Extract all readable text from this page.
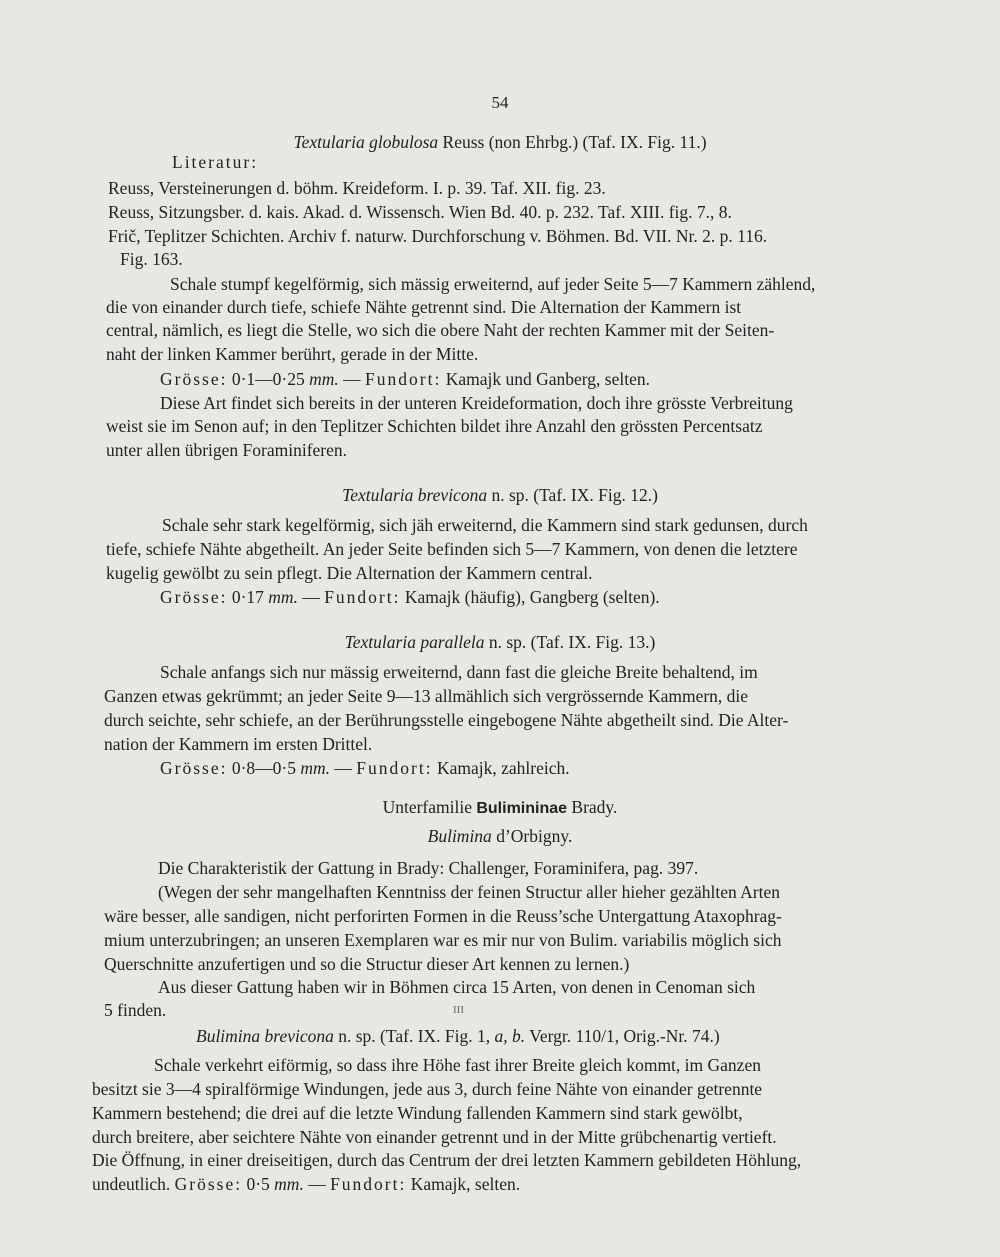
54
Textularia globulosa Reuss (non Ehrbg.) (Taf. IX. Fig. 11.)
Literatur:
Reuss, Versteinerungen d. böhm. Kreideform. I. p. 39. Taf. XII. fig. 23.
Reuss, Sitzungsber. d. kais. Akad. d. Wissensch. Wien Bd. 40. p. 232. Taf. XIII. fig. 7., 8.
Frič, Teplitzer Schichten. Archiv f. naturw. Durchforschung v. Böhmen. Bd. VII. Nr. 2. p. 116.
Fig. 163.
Schale stumpf kegelförmig, sich mässig erweiternd, auf jeder Seite 5—7 Kammern zählend,
die von einander durch tiefe, schiefe Nähte getrennt sind. Die Alternation der Kammern ist
central, nämlich, es liegt die Stelle, wo sich die obere Naht der rechten Kammer mit der Seiten-
naht der linken Kammer berührt, gerade in der Mitte.
Grösse: 0·1—0·25 mm. — Fundort: Kamajk und Ganberg, selten.
Diese Art findet sich bereits in der unteren Kreideformation, doch ihre grösste Verbreitung
weist sie im Senon auf; in den Teplitzer Schichten bildet ihre Anzahl den grössten Percentsatz
unter allen übrigen Foraminiferen.
Textularia brevicona n. sp. (Taf. IX. Fig. 12.)
Schale sehr stark kegelförmig, sich jäh erweiternd, die Kammern sind stark gedunsen, durch
tiefe, schiefe Nähte abgetheilt. An jeder Seite befinden sich 5—7 Kammern, von denen die letztere
kugelig gewölbt zu sein pflegt. Die Alternation der Kammern central.
Grösse: 0·17 mm. — Fundort: Kamajk (häufig), Gangberg (selten).
Textularia parallela n. sp. (Taf. IX. Fig. 13.)
Schale anfangs sich nur mässig erweiternd, dann fast die gleiche Breite behaltend, im
Ganzen etwas gekrümmt; an jeder Seite 9—13 allmählich sich vergrössernde Kammern, die
durch seichte, sehr schiefe, an der Berührungsstelle eingebogene Nähte abgetheilt sind. Die Alter-
nation der Kammern im ersten Drittel.
Grösse: 0·8—0·5 mm. — Fundort: Kamajk, zahlreich.
Unterfamilie Bulimininae Brady.
Bulimina d’Orbigny.
Die Charakteristik der Gattung in Brady: Challenger, Foraminifera, pag. 397.
(Wegen der sehr mangelhaften Kenntniss der feinen Structur aller hieher gezählten Arten
wäre besser, alle sandigen, nicht perforirten Formen in die Reuss’sche Untergattung Ataxophrag-
mium unterzubringen; an unseren Exemplaren war es mir nur von Bulim. variabilis möglich sich
Querschnitte anzufertigen und so die Structur dieser Art kennen zu lernen.)
Aus dieser Gattung haben wir in Böhmen circa 15 Arten, von denen in Cenoman sich
5 finden.
Bulimina brevicona n. sp. (Taf. IX. Fig. 1, a, b. Vergr. 110/1, Orig.-Nr. 74.)
Schale verkehrt eiförmig, so dass ihre Höhe fast ihrer Breite gleich kommt, im Ganzen
besitzt sie 3—4 spiralförmige Windungen, jede aus 3, durch feine Nähte von einander getrennte
Kammern bestehend; die drei auf die letzte Windung fallenden Kammern sind stark gewölbt,
durch breitere, aber seichtere Nähte von einander getrennt und in der Mitte grübchenartig vertieft.
Die Öffnung, in einer dreiseitigen, durch das Centrum der drei letzten Kammern gebildeten Höhlung,
undeutlich. Grösse: 0·5 mm. — Fundort: Kamajk, selten.
III
